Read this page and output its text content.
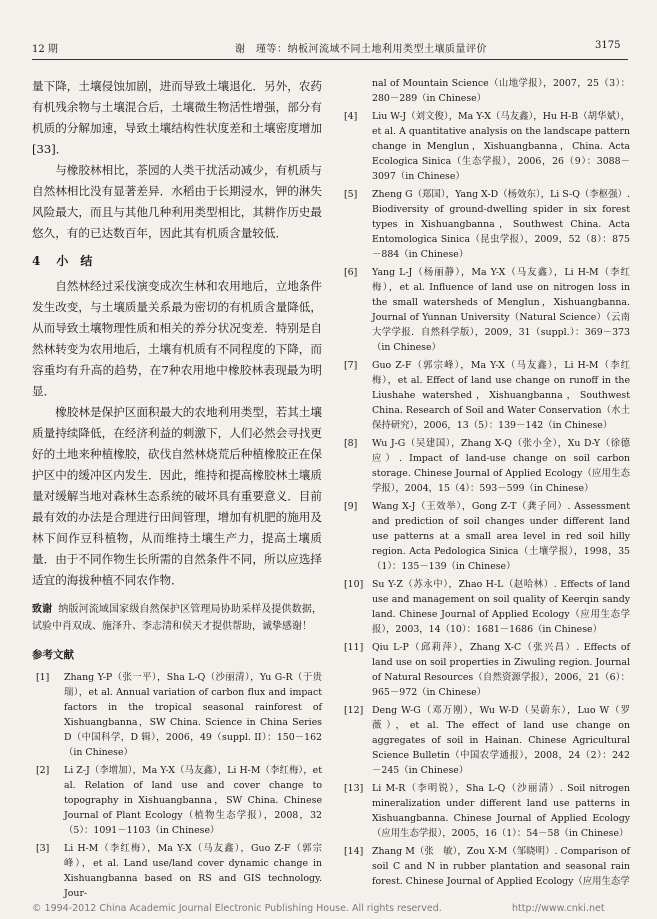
12 期	谢　瑾等：纳板河流域不同土地利用类型土壤质量评价	3175

量下降，土壤侵蚀加剧，进而导致土壤退化．另外，农药有机残余物与土壤混合后，土壤微生物活性增强，部分有机质的分解加速，导致土壤结构性状度差和土壤密度增加[33]．

与橡胶林相比，茶园的人类干扰活动减少，有机质与自然林相比没有显著差异．水稻由于长期浸水，钾的淋失风险最大，而且与其他几种利用类型相比，其耕作历史最悠久，有的已达数百年，因此其有机质含量较低．

4 小　结

自然林经过采伐演变成次生林和农用地后，立地条件发生改变，与土壤质量关系最为密切的有机质含量降低，从而导致土壤物理性质和相关的养分状况变差．特别是自然林转变为农用地后，土壤有机质有不同程度的下降，而容重均有升高的趋势，在7种农用地中橡胶林表现最为明显．

橡胶林是保护区面积最大的农地利用类型，若其土壤质量持续降低，在经济利益的刺激下，人们必然会寻找更好的土地来种植橡胶，砍伐自然林烧荒后种植橡胶正在保护区中的缓冲区内发生．因此，维持和提高橡胶林土壤质量对缓解当地对森林生态系统的破坏具有重要意义．目前最有效的办法是合理进行田间管理，增加有机肥的施用及林下间作豆科植物，从而维持土壤生产力，提高土壤质量．由于不同作物生长所需的自然条件不同，所以应选择适宜的海拔种植不同农作物．

致谢 纳版河流域国家级自然保护区管理局协助采样及提供数据，试验中肖双成、施泽升、李志清和侯天才提供帮助，诚挚感谢！

参考文献
[1]	Zhang Y-P（张一平），Sha L-Q（沙丽清），Yu G-R（于贵瑞），et al. Annual variation of carbon flux and impact factors in the tropical seasonal rainforest of Xishuangbanna，SW China. Science in China Series D（中国科学，D 辑），2006，49（suppl. II）：150－162（in Chinese）
[2]	Li Z-J（李增加），Ma Y-X（马友鑫），Li H-M（李红梅），et al. Relation of land use and cover change to topography in Xishuangbanna，SW China. Chinese Journal of Plant Ecology（植物生态学报），2008，32（5）：1091－1103（in Chinese）
[3]	Li H-M（李红梅），Ma Y-X（马友鑫），Guo Z-F（郭宗峰），et al. Land use/land cover dynamic change in Xishuangbanna based on RS and GIS technology. Jour-
nal of Mountain Science（山地学报），2007，25（3）：280－289（in Chinese）
[4]	Liu W-J（刘文俊），Ma Y-X（马友鑫），Hu H-B（胡华斌），et al. A quantitative analysis on the landscape pattern change in Menglun，Xishuangbanna，China. Acta Ecologica Sinica（生态学报），2006，26（9）：3088－3097（in Chinese）
[5]	Zheng G（郑国），Yang X-D（杨效东），Li S-Q（李枢强）. Biodiversity of ground-dwelling spider in six forest types in Xishuangbanna，Southwest China. Acta Entomologica Sinica（昆虫学报），2009，52（8）：875－884（in Chinese）
[6]	Yang L-J（杨丽静），Ma Y-X（马友鑫），Li H-M（李红梅），et al. Influence of land use on nitrogen loss in the small watersheds of Menglun，Xishuangbanna. Journal of Yunnan University（Natural Science）（云南大学学报．自然科学版），2009，31（suppl.）：369－373（in Chinese）
[7]	Guo Z-F（郭宗峰），Ma Y-X（马友鑫），Li H-M（李红梅），et al. Effect of land use change on runoff in the Liushahe watershed，Xishuangbanna，Southwest China. Research of Soil and Water Conservation（水土保持研究），2006，13（5）：139－142（in Chinese）
[8]	Wu J-G（吴建国），Zhang X-Q（张小全），Xu D-Y（徐德应）. Impact of land-use change on soil carbon storage. Chinese Journal of Applied Ecology（应用生态学报），2004，15（4）：593－599（in Chinese）
[9]	Wang X-J（王效举），Gong Z-T（龚子同）. Assessment and prediction of soil changes under different land use patterns at a small area level in red soil hilly region. Acta Pedologica Sinica（土壤学报），1998，35（1）：135－139（in Chinese）
[10] Su Y-Z（苏永中），Zhao H-L（赵哈林）. Effects of land use and management on soil quality of Keerqin sandy land. Chinese Journal of Applied Ecology（应用生态学报），2003，14（10）：1681－1686（in Chinese）
[11] Qiu L-P（邱莉萍），Zhang X-C（张兴昌）. Effects of land use on soil properties in Ziwuling region. Journal of Natural Resources（自然资源学报），2006，21（6）：965－972（in Chinese）
[12] Deng W-G（邓万刚），Wu W-D（吴蔚东），Luo W（罗　薇），et al. The effect of land use change on aggregates of soil in Hainan. Chinese Agricultural Science Bulletin（中国农学通报），2008，24（2）：242－245（in Chinese）
[13] Li M-R（李明锐），Sha L-Q（沙丽清）. Soil nitrogen mineralization under different land use patterns in Xishuangbanna. Chinese Journal of Applied Ecology（应用生态学报），2005，16（1）：54－58（in Chinese）
[14] Zhang M（张　敏），Zou X-M（邹晓明）. Comparison of soil C and N in rubber plantation and seasonal rain forest. Chinese Journal of Applied Ecology（应用生态学
© 1994-2012 China Academic Journal Electronic Publishing House. All rights reserved.	http://www.cnki.net
